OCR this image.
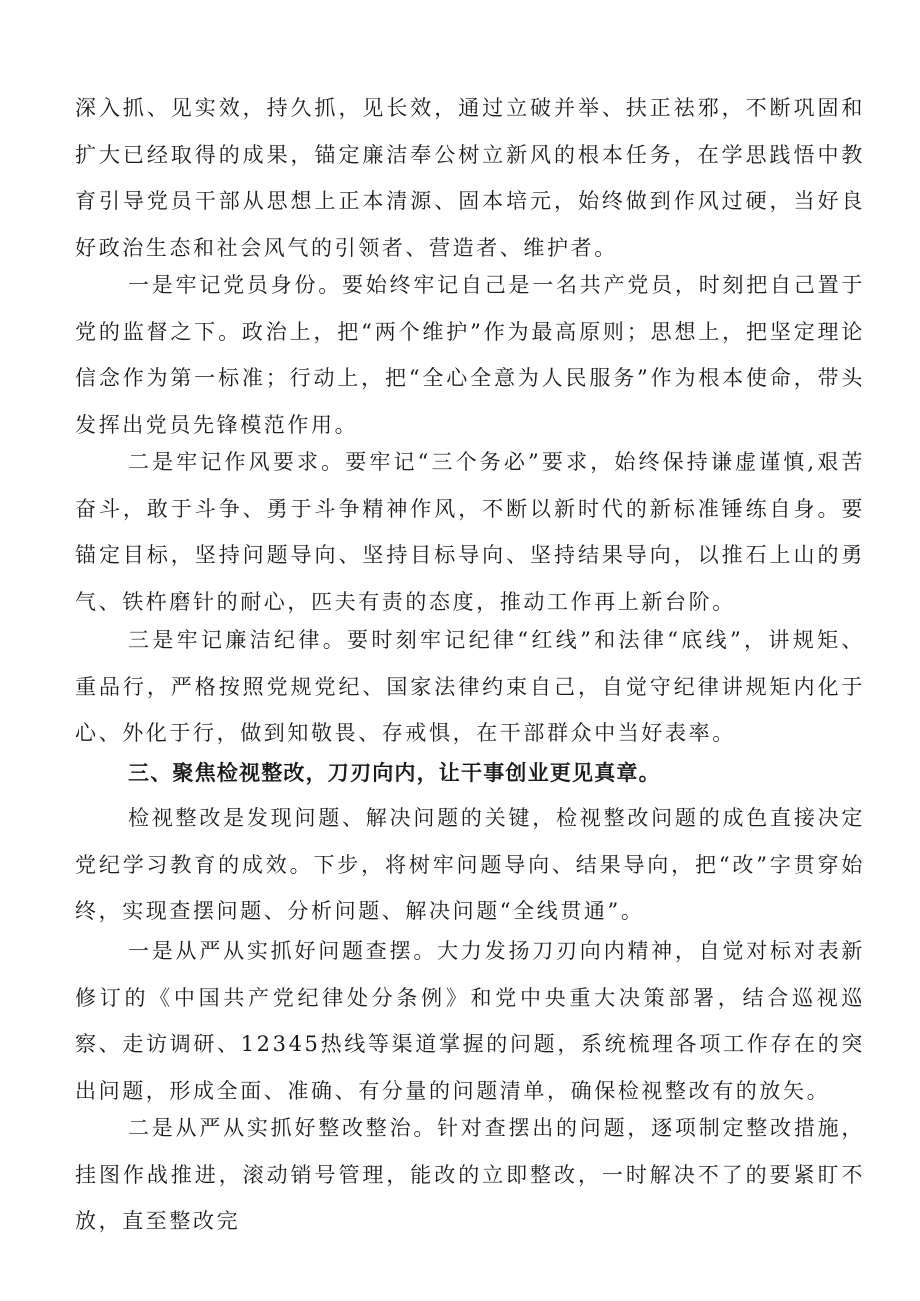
深入抓、见实效，持久抓，见长效，通过立破并举、扶正祛邪，不断巩固和扩大已经取得的成果，锚定廉洁奉公树立新风的根本任务，在学思践悟中教育引导党员干部从思想上正本清源、固本培元，始终做到作风过硬，当好良好政治生态和社会风气的引领者、营造者、维护者。

一是牢记党员身份。要始终牢记自己是一名共产党员，时刻把自己置于党的监督之下。政治上，把“两个维护”作为最高原则；思想上，把坚定理论信念作为第一标准；行动上，把“全心全意为人民服务”作为根本使命，带头发挥出党员先锋模范作用。

二是牢记作风要求。要牢记“三个务必”要求，始终保持谦虚谨慎,艰苦奋斗，敢于斗争、勇于斗争精神作风，不断以新时代的新标准锤练自身。要锚定目标，坚持问题导向、坚持目标导向、坚持结果导向，以推石上山的勇气、铁杵磨针的耐心，匹夫有责的态度，推动工作再上新台阶。

三是牢记廉洁纪律。要时刻牢记纪律“红线”和法律“底线”，讲规矩、重品行，严格按照党规党纪、国家法律约束自己，自觉守纪律讲规矩内化于心、外化于行，做到知敬畏、存戒惧，在干部群众中当好表率。

三、聚焦检视整改，刀刃向内，让干事创业更见真章。

检视整改是发现问题、解决问题的关键，检视整改问题的成色直接决定党纪学习教育的成效。下步，将树牢问题导向、结果导向，把“改”字贯穿始终，实现查摆问题、分析问题、解决问题“全线贯通”。

一是从严从实抓好问题查摆。大力发扬刀刃向内精神，自觉对标对表新修订的《中国共产党纪律处分条例》和党中央重大决策部署，结合巡视巡察、走访调研、12345热线等渠道掌握的问题，系统梳理各项工作存在的突出问题，形成全面、准确、有分量的问题清单，确保检视整改有的放矢。

二是从严从实抓好整改整治。针对查摆出的问题，逐项制定整改措施，挂图作战推进，滚动销号管理，能改的立即整改，一时解决不了的要紧盯不放，直至整改完
